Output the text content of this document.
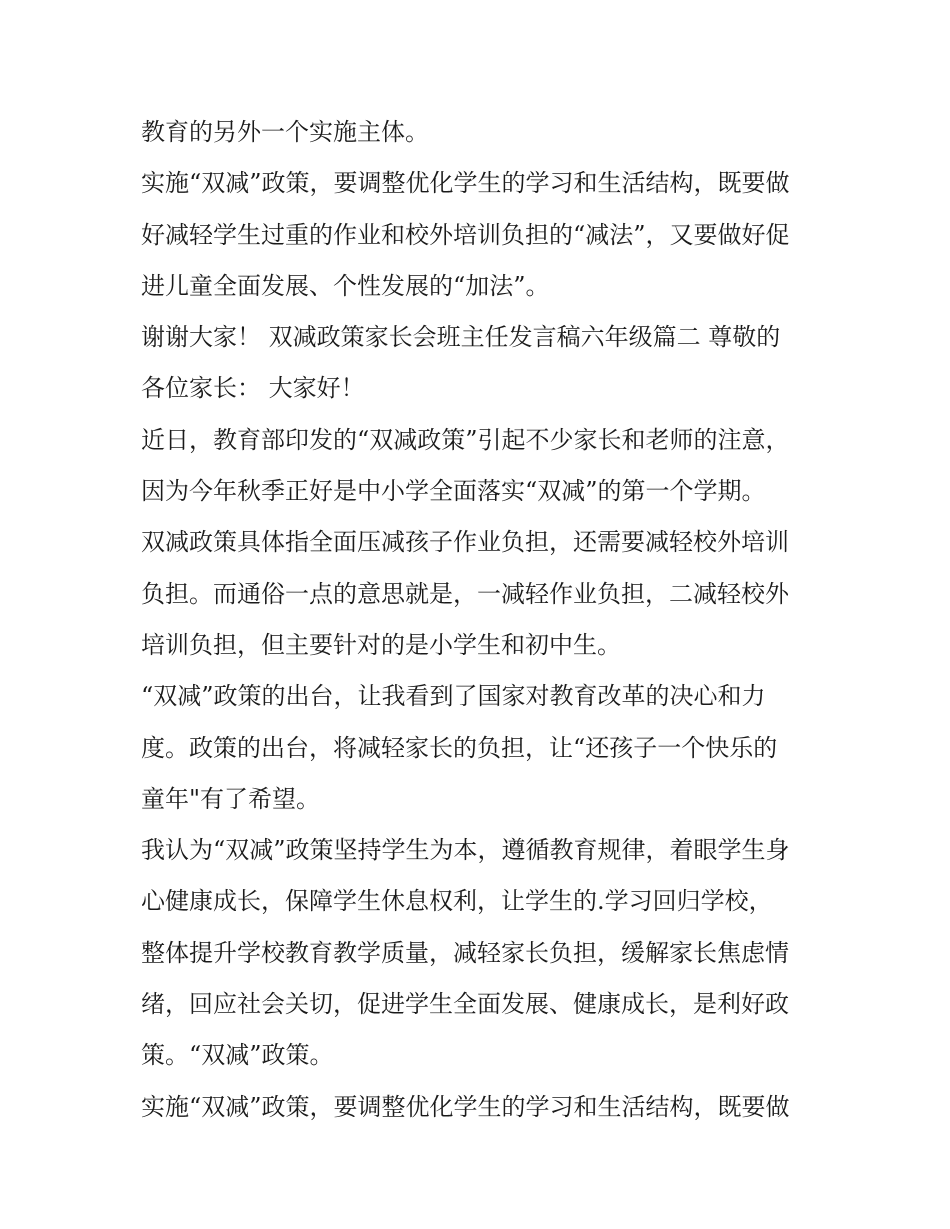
教育的另外一个实施主体。
实施“双减”政策，要调整优化学生的学习和生活结构，既要做
好减轻学生过重的作业和校外培训负担的“减法”，又要做好促
进儿童全面发展、个性发展的“加法”。
谢谢大家！ 双减政策家长会班主任发言稿六年级篇二 尊敬的
各位家长： 大家好！
近日，教育部印发的“双减政策”引起不少家长和老师的注意，
因为今年秋季正好是中小学全面落实“双减”的第一个学期。
双减政策具体指全面压减孩子作业负担，还需要减轻校外培训
负担。而通俗一点的意思就是，一减轻作业负担，二减轻校外
培训负担，但主要针对的是小学生和初中生。
“双减”政策的出台，让我看到了国家对教育改革的决心和力
度。政策的出台，将减轻家长的负担，让“还孩子一个快乐的
童年"有了希望。
我认为“双减”政策坚持学生为本，遵循教育规律，着眼学生身
心健康成长，保障学生休息权利，让学生的.学习回归学校，
整体提升学校教育教学质量，减轻家长负担，缓解家长焦虑情
绪，回应社会关切，促进学生全面发展、健康成长，是利好政
策。“双减”政策。
实施“双减”政策，要调整优化学生的学习和生活结构，既要做
